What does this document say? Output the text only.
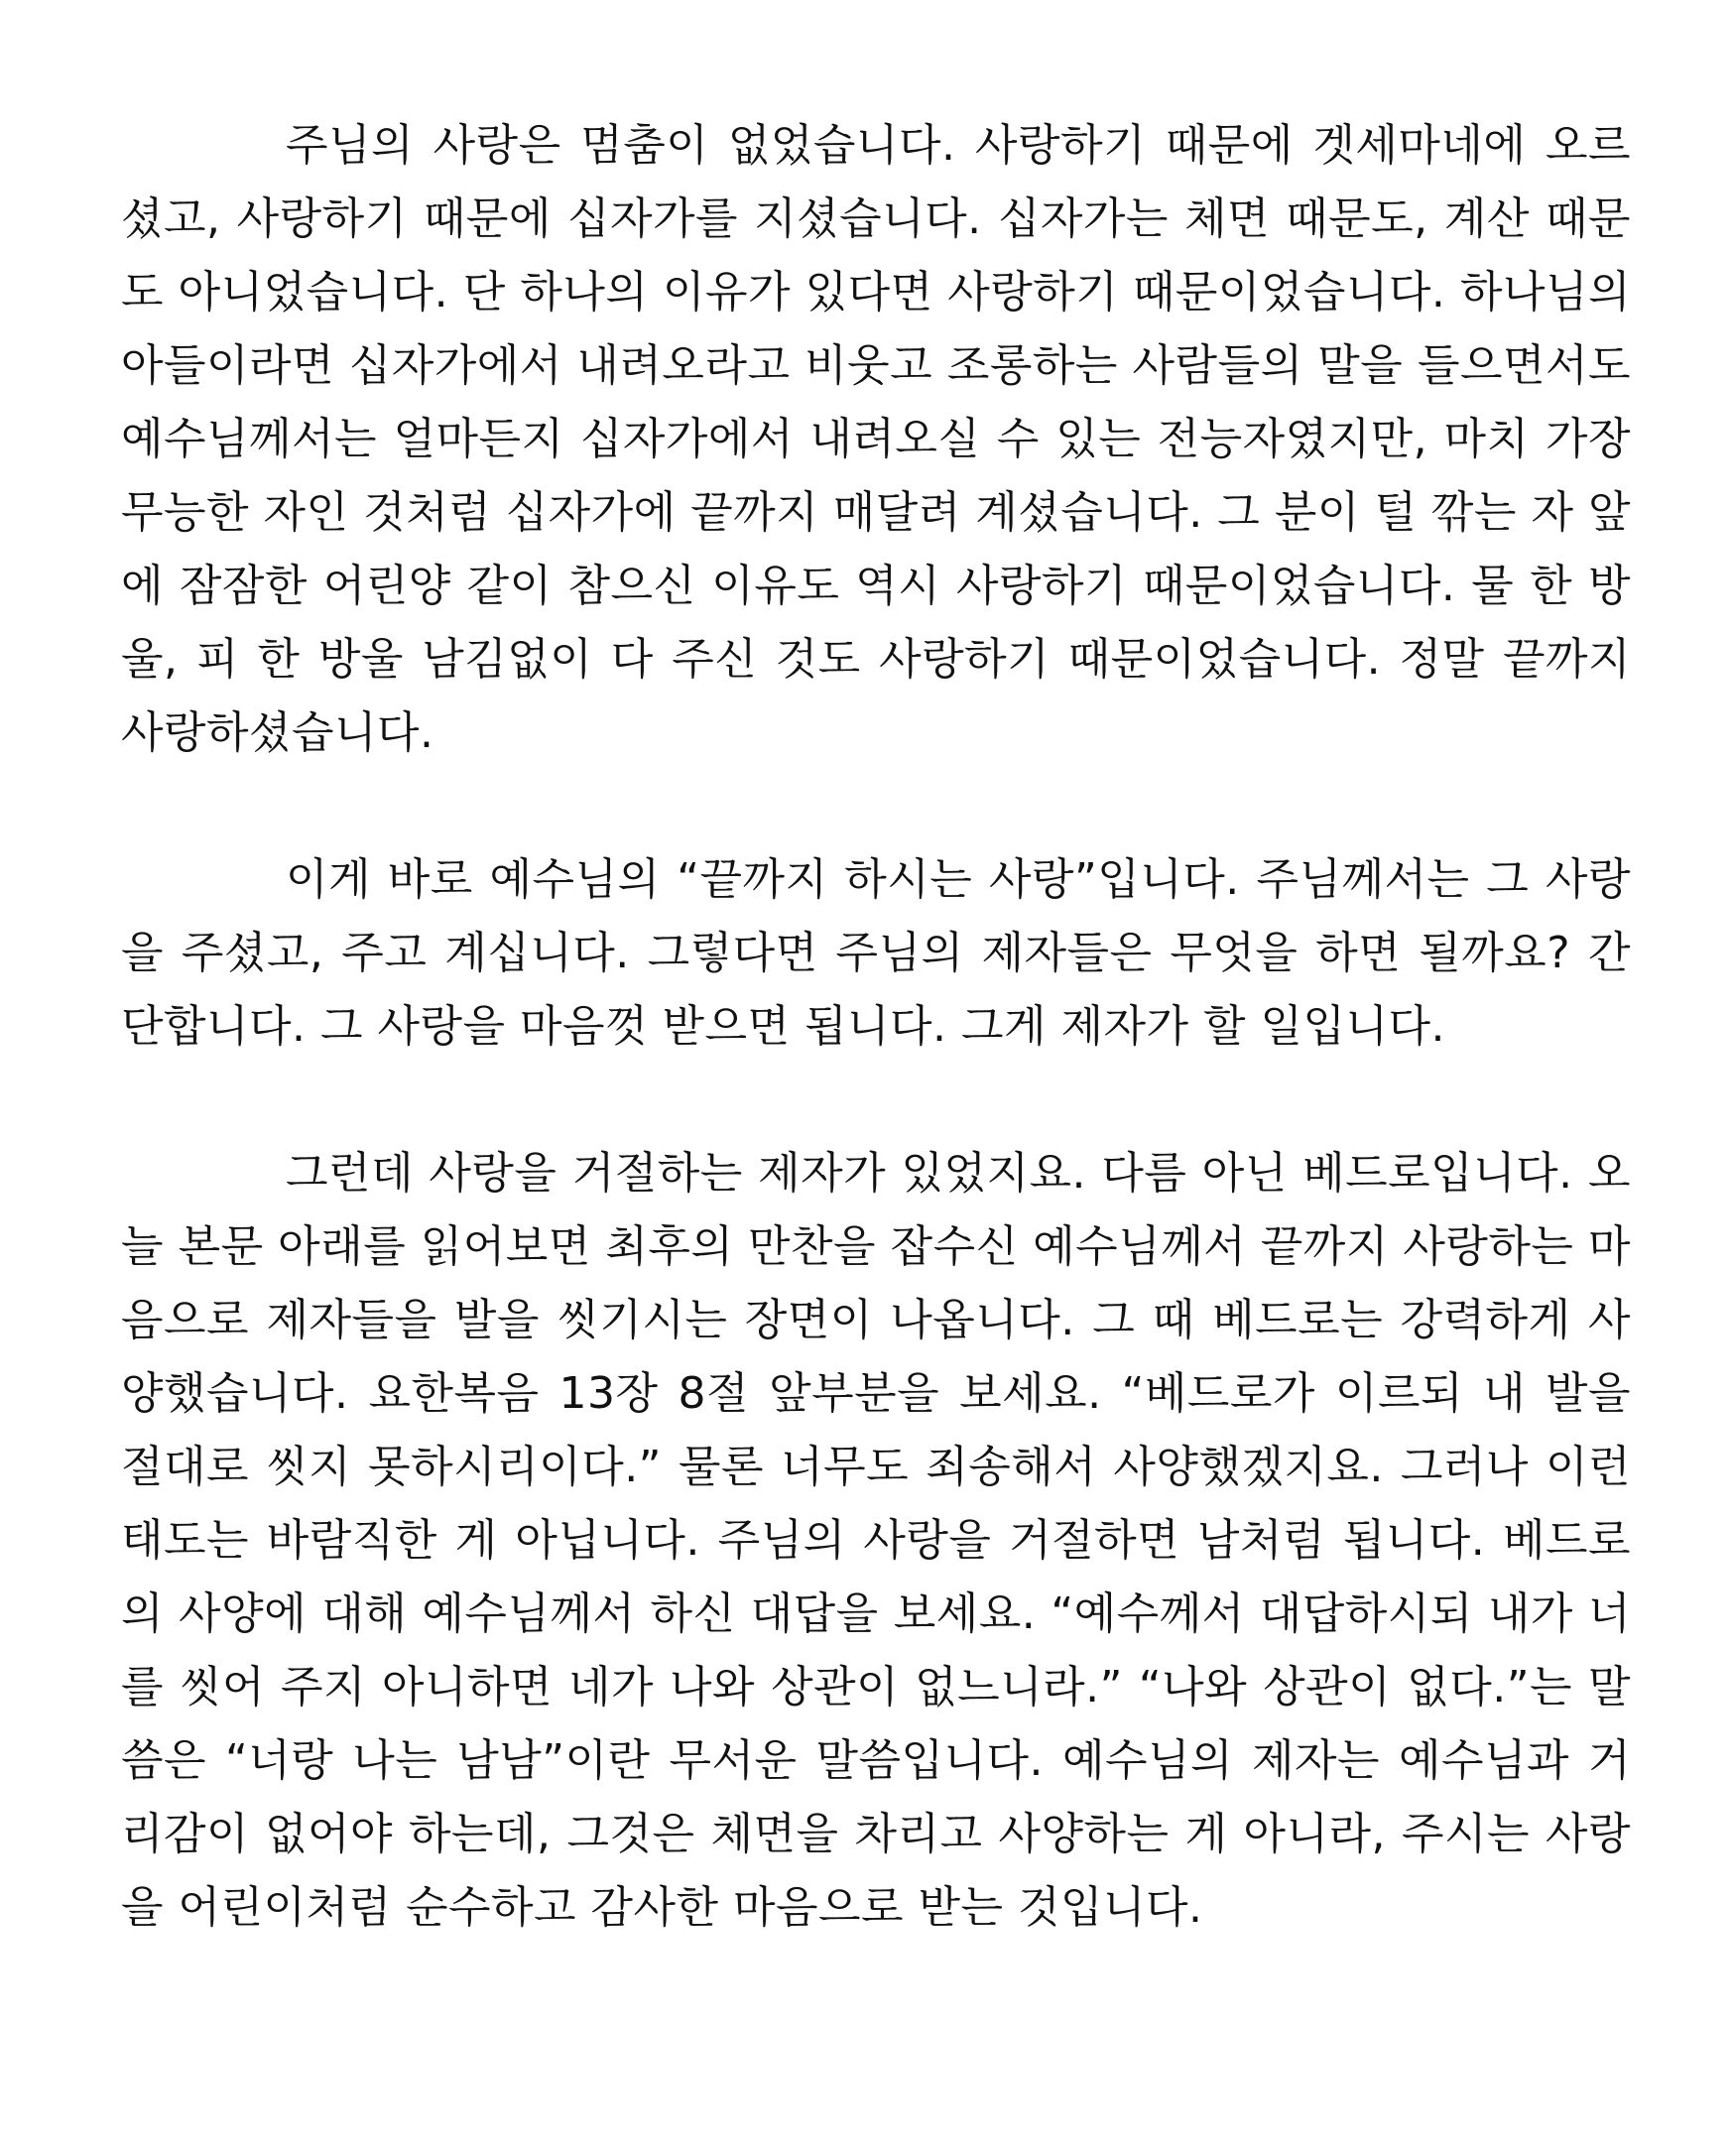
주님의 사랑은 멈춤이 없었습니다. 사랑하기 때문에 겟세마네에 오르셨고, 사랑하기 때문에 십자가를 지셨습니다. 십자가는 체면 때문도, 계산 때문도 아니었습니다. 단 하나의 이유가 있다면 사랑하기 때문이었습니다. 하나님의 아들이라면 십자가에서 내려오라고 비웃고 조롱하는 사람들의 말을 들으면서도 예수님께서는 얼마든지 십자가에서 내려오실 수 있는 전능자였지만, 마치 가장 무능한 자인 것처럼 십자가에 끝까지 매달려 계셨습니다. 그 분이 털 깎는 자 앞에 잠잠한 어린양 같이 참으신 이유도 역시 사랑하기 때문이었습니다. 물 한 방울, 피 한 방울 남김없이 다 주신 것도 사랑하기 때문이었습니다. 정말 끝까지 사랑하셨습니다.

이게 바로 예수님의 “끝까지 하시는 사랑”입니다. 주님께서는 그 사랑을 주셨고, 주고 계십니다. 그렇다면 주님의 제자들은 무엇을 하면 될까요? 간단합니다. 그 사랑을 마음껏 받으면 됩니다. 그게 제자가 할 일입니다.

그런데 사랑을 거절하는 제자가 있었지요. 다름 아닌 베드로입니다. 오늘 본문 아래를 읽어보면 최후의 만찬을 잡수신 예수님께서 끝까지 사랑하는 마음으로 제자들을 발을 씻기시는 장면이 나옵니다. 그 때 베드로는 강력하게 사양했습니다. 요한복음 13장 8절 앞부분을 보세요. “베드로가 이르되 내 발을 절대로 씻지 못하시리이다.” 물론 너무도 죄송해서 사양했겠지요. 그러나 이런 태도는 바람직한 게 아닙니다. 주님의 사랑을 거절하면 남처럼 됩니다. 베드로의 사양에 대해 예수님께서 하신 대답을 보세요. “예수께서 대답하시되 내가 너를 씻어 주지 아니하면 네가 나와 상관이 없느니라.” “나와 상관이 없다.”는 말씀은 “너랑 나는 남남”이란 무서운 말씀입니다. 예수님의 제자는 예수님과 거리감이 없어야 하는데, 그것은 체면을 차리고 사양하는 게 아니라, 주시는 사랑을 어린이처럼 순수하고 감사한 마음으로 받는 것입니다.
